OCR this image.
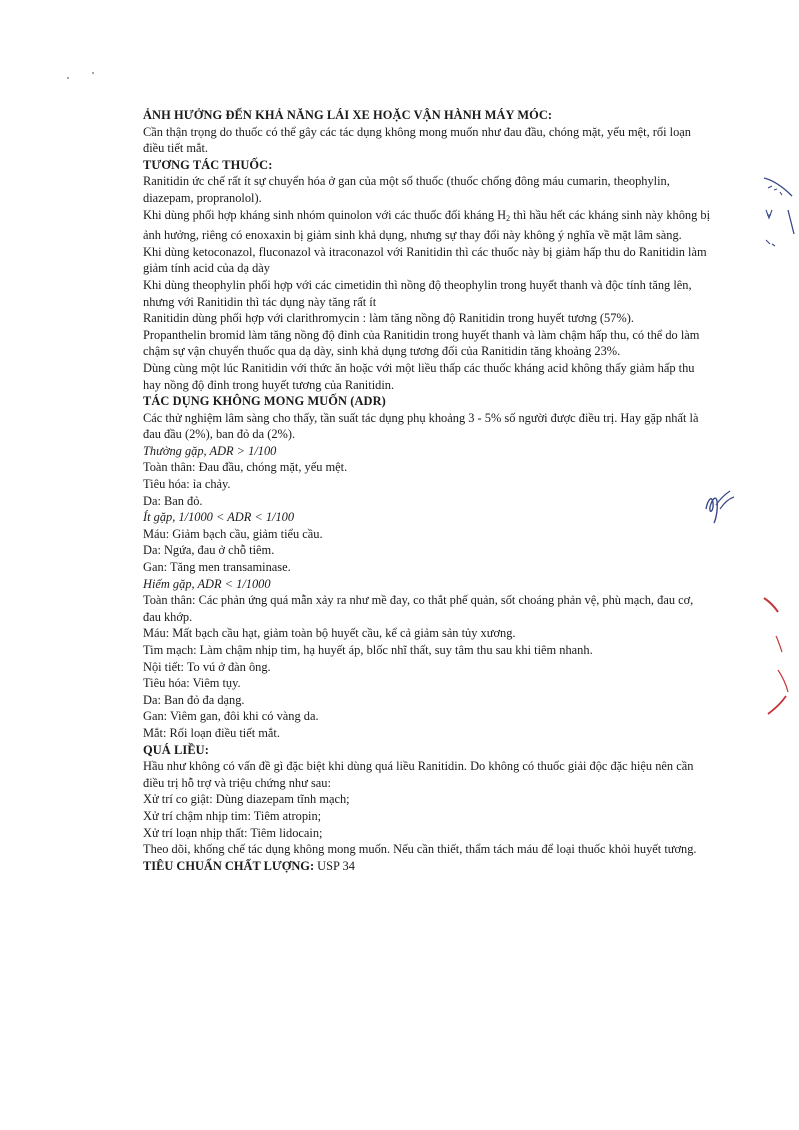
ẢNH HƯỞNG ĐẾN KHẢ NĂNG LÁI XE HOẶC VẬN HÀNH MÁY MÓC:
Cần thận trọng do thuốc có thể gây các tác dụng không mong muốn như đau đầu, chóng mặt, yếu mệt, rối loạn điều tiết mắt.
TƯƠNG TÁC THUỐC:
Ranitidin ức chế rất ít sự chuyển hóa ở gan của một số thuốc (thuốc chống đông máu cumarin, theophylin, diazepam, propranolol).
Khi dùng phối hợp kháng sinh nhóm quinolon với các thuốc đối kháng $H_2$ thì hầu hết các kháng sinh này không bị ảnh hưởng, riêng có enoxaxin bị giảm sinh khả dụng, nhưng sự thay đổi này không ý nghĩa về mặt lâm sàng.
Khi dùng ketoconazol, fluconazol và itraconazol với Ranitidin thì các thuốc này bị giảm hấp thu do Ranitidin làm giảm tính acid của dạ dày
Khi dùng theophylin phối hợp với các cimetidin thì nồng độ theophylin trong huyết thanh và độc tính tăng lên, nhưng với Ranitidin thì tác dụng này tăng rất ít
Ranitidin dùng phối hợp với clarithromycin : làm tăng nồng độ Ranitidin trong huyết tương (57%).
Propanthelin bromid làm tăng nồng độ đỉnh của Ranitidin trong huyết thanh và làm chậm hấp thu, có thể do làm chậm sự vận chuyển thuốc qua dạ dày, sinh khả dụng tương đối của Ranitidin tăng khoảng 23%.
Dùng cùng một lúc Ranitidin với thức ăn hoặc với một liều thấp các thuốc kháng acid không thấy giảm hấp thu hay nồng độ đỉnh trong huyết tương của Ranitidin.
TÁC DỤNG KHÔNG MONG MUỐN (ADR)
Các thử nghiệm lâm sàng cho thấy, tần suất tác dụng phụ khoảng 3 - 5% số người được điều trị. Hay gặp nhất là đau đầu (2%), ban đỏ da (2%).
Thường gặp, ADR > 1/100
Toàn thân: Đau đầu, chóng mặt, yếu mệt.
Tiêu hóa: ỉa chảy.
Da: Ban đỏ.
Ít gặp, 1/1000 < ADR < 1/100
Máu: Giảm bạch cầu, giảm tiểu cầu.
Da: Ngứa, đau ở chỗ tiêm.
Gan: Tăng men transaminase.
Hiếm gặp, ADR < 1/1000
Toàn thân: Các phản ứng quá mẫn xảy ra như mề đay, co thắt phế quản, sốt choáng phản vệ, phù mạch, đau cơ, đau khớp.
Máu: Mất bạch cầu hạt, giảm toàn bộ huyết cầu, kể cả giảm sản tủy xương.
Tim mạch: Làm chậm nhịp tim, hạ huyết áp, blốc nhĩ thất, suy tâm thu sau khi tiêm nhanh.
Nội tiết: To vú ở đàn ông.
Tiêu hóa: Viêm tụy.
Da: Ban đỏ đa dạng.
Gan: Viêm gan, đôi khi có vàng da.
Mắt: Rối loạn điều tiết mắt.
QUÁ LIỀU:
Hầu như không có vấn đề gì đặc biệt khi dùng quá liều Ranitidin. Do không có thuốc giải độc đặc hiệu nên cần điều trị hỗ trợ và triệu chứng như sau:
Xử trí co giật: Dùng diazepam tĩnh mạch;
Xử trí chậm nhịp tim: Tiêm atropin;
Xử trí loạn nhịp thất: Tiêm lidocain;
Theo dõi, khống chế tác dụng không mong muốn. Nếu cần thiết, thẩm tách máu để loại thuốc khỏi huyết tương.
TIÊU CHUẨN CHẤT LƯỢNG: USP 34
